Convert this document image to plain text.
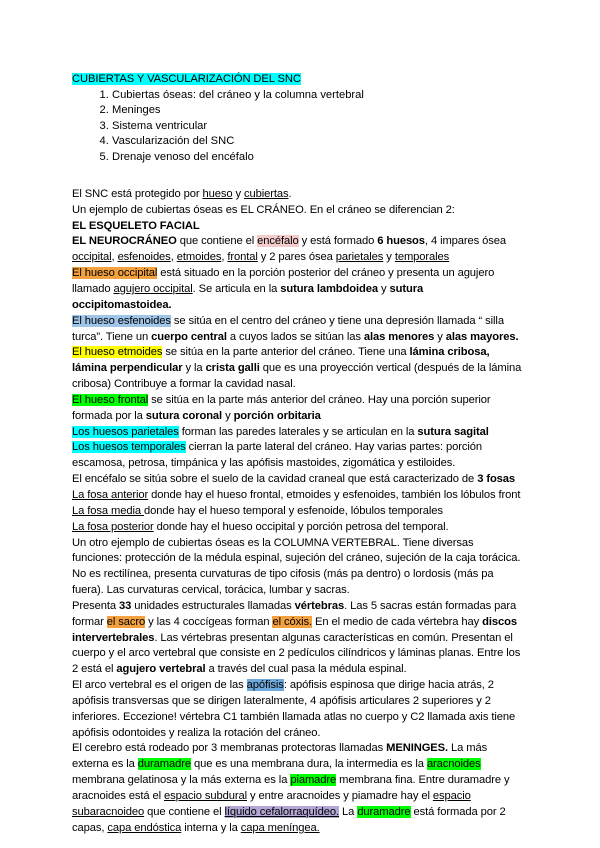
CUBIERTAS Y VASCULARIZACIÓN DEL SNC
1. Cubiertas óseas: del cráneo y la columna vertebral
2. Meninges
3. Sistema ventricular
4. Vascularización del SNC
5. Drenaje venoso del encéfalo
El SNC está protegido por hueso y cubiertas.
Un ejemplo de cubiertas óseas es EL CRÁNEO. En el cráneo se diferencian 2:
EL ESQUELETO FACIAL
EL NEUROCRÁNEO que contiene el encéfalo y está formado 6 huesos, 4 impares ósea
occipital, esfenoides, etmoides, frontal y 2 pares ósea parietales y temporales
El hueso occipital está situado en la porción posterior del cráneo y presenta un agujero
llamado agujero occipital. Se articula en la sutura lambdoidea y sutura
occipitomastoidea.
El hueso esfenoides se sitúa en el centro del cráneo y tiene una depresión llamada “ silla
turca”. Tiene un cuerpo central a cuyos lados se sitúan las alas menores y alas mayores.
El hueso etmoides se sitúa en la parte anterior del cráneo. Tiene una lámina cribosa,
lámina perpendicular y la crista galli que es una proyección vertical (después de la lámina
cribosa) Contribuye a formar la cavidad nasal.
El hueso frontal se sitúa en la parte más anterior del cráneo. Hay una porción superior
formada por la sutura coronal y porción orbitaria
Los huesos parietales forman las paredes laterales y se articulan en la sutura sagital
Los huesos temporales cierran la parte lateral del cráneo. Hay varias partes: porción
escamosa, petrosa, timpánica y las apófisis mastoides, zigomática y estiloides.
El encéfalo se sitúa sobre el suelo de la cavidad craneal que está caracterizado de 3 fosas
La fosa anterior donde hay el hueso frontal, etmoides y esfenoides, también los lóbulos front
La fosa media donde hay el hueso temporal y esfenoide, lóbulos temporales
La fosa posterior donde hay el hueso occipital y porción petrosa del temporal.
Un otro ejemplo de cubiertas óseas es la COLUMNA VERTEBRAL. Tiene diversas
funciones: protección de la médula espinal, sujeción del cráneo, sujeción de la caja torácica.
No es rectilínea, presenta curvaturas de tipo cifosis (más pa dentro) o lordosis (más pa
fuera). Las curvaturas cervical, torácica, lumbar y sacras.
Presenta 33 unidades estructurales llamadas vértebras. Las 5 sacras están formadas para
formar el sacro y las 4 coccígeas forman el cóxis. En el medio de cada vértebra hay discos
intervertebrales. Las vértebras presentan algunas características en común. Presentan el
cuerpo y el arco vertebral que consiste en 2 pedículos cilíndricos y láminas planas. Entre los
2 está el agujero vertebral a través del cual pasa la médula espinal.
El arco vertebral es el origen de las apófisis: apófisis espinosa que dirige hacia atrás, 2
apófisis transversas que se dirigen lateralmente, 4 apófisis articulares 2 superiores y 2
inferiores. Eccezione! vértebra C1 también llamada atlas no cuerpo y C2 llamada axis tiene
apófisis odontoides y realiza la rotación del cráneo.
El cerebro está rodeado por 3 membranas protectoras llamadas MENINGES. La más
externa es la duramadre que es una membrana dura, la intermedia es la aracnoides
membrana gelatinosa y la más externa es la piamadre membrana fina. Entre duramadre y
aracnoides está el espacio subdural y entre aracnoides y piamadre hay el espacio
subaracnoideo que contiene el líquido cefalorraquídeo. La duramadre está formada por 2
capas, capa endóstica interna y la capa meníngea.
